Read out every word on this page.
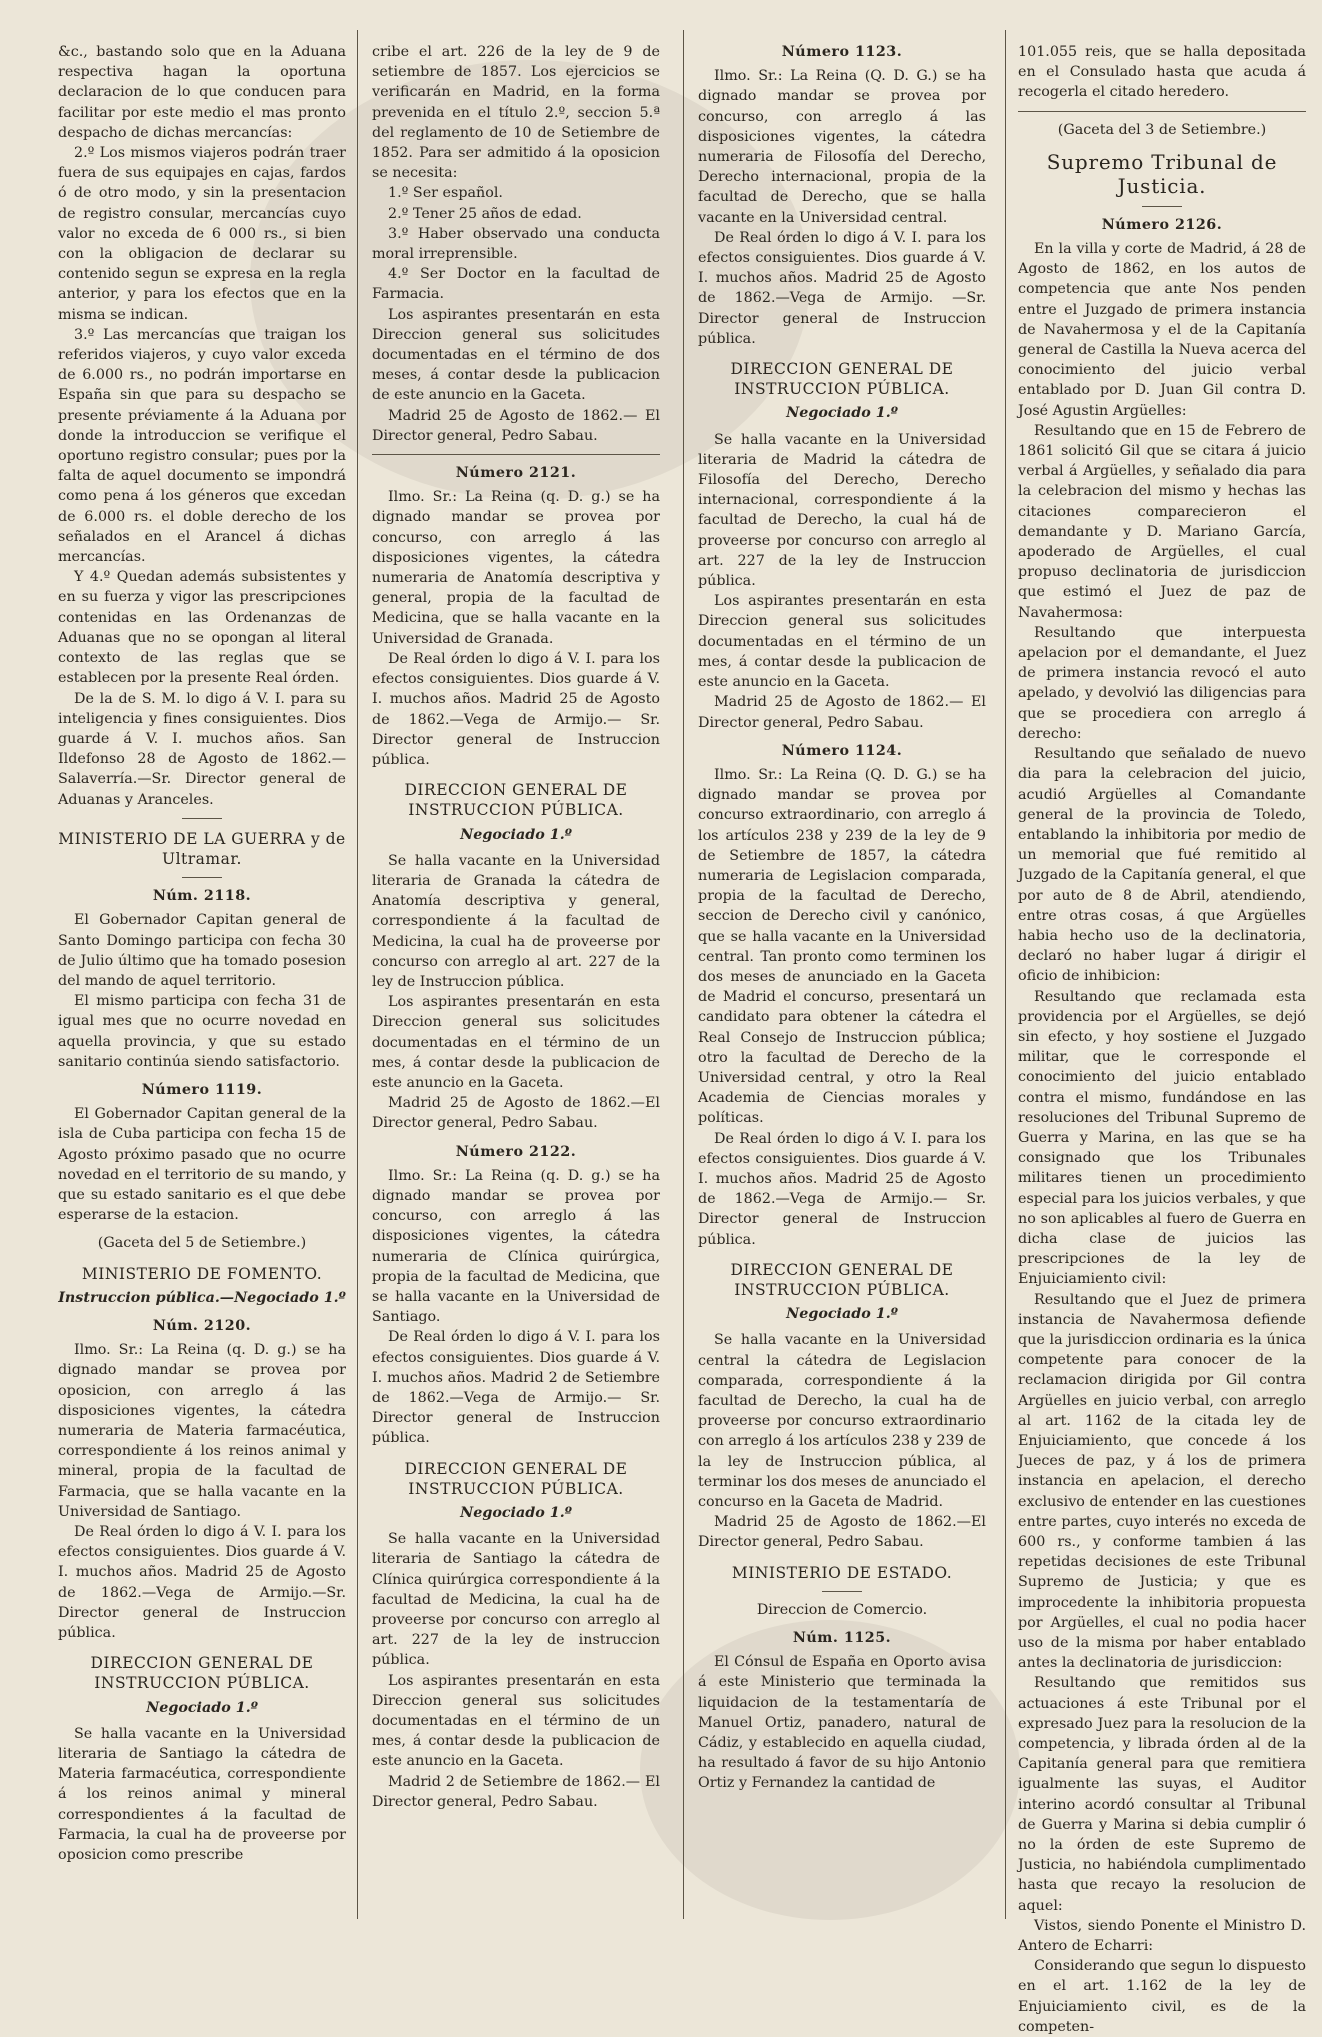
&c., bastando solo que en la Aduana respectiva hagan la oportuna declaracion de lo que conducen para facilitar por este medio el mas pronto despacho de dichas mercancías:

2.º Los mismos viajeros podrán traer fuera de sus equipajes en cajas, fardos ó de otro modo, y sin la presentacion de registro consular, mercancías cuyo valor no exceda de 6 000 rs., si bien con la obligacion de declarar su contenido segun se expresa en la regla anterior, y para los efectos que en la misma se indican.

3.º Las mercancías que traigan los referidos viajeros, y cuyo valor exceda de 6.000 rs., no podrán importarse en España sin que para su despacho se presente préviamente á la Aduana por donde la introduccion se verifique el oportuno registro consular; pues por la falta de aquel documento se impondrá como pena á los géneros que excedan de 6.000 rs. el doble derecho de los señalados en el Arancel á dichas mercancías.

Y 4.º Quedan además subsistentes y en su fuerza y vigor las prescripciones contenidas en las Ordenanzas de Aduanas que no se opongan al literal contexto de las reglas que se establecen por la presente Real órden.

De la de S. M. lo digo á V. I. para su inteligencia y fines consiguientes. Dios guarde á V. I. muchos años. San Ildefonso 28 de Agosto de 1862.— Salaverría.—Sr. Director general de Aduanas y Aranceles.

MINISTERIO DE LA GUERRA y de Ultramar.
Núm. 2118.

El Gobernador Capitan general de Santo Domingo participa con fecha 30 de Julio último que ha tomado posesion del mando de aquel territorio.

El mismo participa con fecha 31 de igual mes que no ocurre novedad en aquella provincia, y que su estado sanitario continúa siendo satisfactorio.

Número 1119.

El Gobernador Capitan general de la isla de Cuba participa con fecha 15 de Agosto próximo pasado que no ocurre novedad en el territorio de su mando, y que su estado sanitario es el que debe esperarse de la estacion.

(Gaceta del 5 de Setiembre.)
MINISTERIO DE FOMENTO.
Instruccion pública.—Negociado 1.º
Núm. 2120.

Ilmo. Sr.: La Reina (q. D. g.) se ha dignado mandar se provea por oposicion, con arreglo á las disposiciones vigentes, la cátedra numeraria de Materia farmacéutica, correspondiente á los reinos animal y mineral, propia de la facultad de Farmacia, que se halla vacante en la Universidad de Santiago.

De Real órden lo digo á V. I. para los efectos consiguientes. Dios guarde á V. I. muchos años. Madrid 25 de Agosto de 1862.—Vega de Armijo.—Sr. Director general de Instruccion pública.

DIRECCION GENERAL DE INSTRUCCION PÚBLICA.
Negociado 1.º

Se halla vacante en la Universidad literaria de Santiago la cátedra de Materia farmacéutica, correspondiente á los reinos animal y mineral correspondientes á la facultad de Farmacia, la cual ha de proveerse por oposicion como prescribe

cribe el art. 226 de la ley de 9 de setiembre de 1857. Los ejercicios se verificarán en Madrid, en la forma prevenida en el título 2.º, seccion 5.ª del reglamento de 10 de Setiembre de 1852. Para ser admitido á la oposicion se necesita:

1.º Ser español.

2.º Tener 25 años de edad.

3.º Haber observado una conducta moral irreprensible.

4.º Ser Doctor en la facultad de Farmacia.

Los aspirantes presentarán en esta Direccion general sus solicitudes documentadas en el término de dos meses, á contar desde la publicacion de este anuncio en la Gaceta.

Madrid 25 de Agosto de 1862.— El Director general, Pedro Sabau.

Número 2121.

Ilmo. Sr.: La Reina (q. D. g.) se ha dignado mandar se provea por concurso, con arreglo á las disposiciones vigentes, la cátedra numeraria de Anatomía descriptiva y general, propia de la facultad de Medicina, que se halla vacante en la Universidad de Granada.

De Real órden lo digo á V. I. para los efectos consiguientes. Dios guarde á V. I. muchos años. Madrid 25 de Agosto de 1862.—Vega de Armijo.— Sr. Director general de Instruccion pública.

DIRECCION GENERAL DE INSTRUCCION PÚBLICA.
Negociado 1.º

Se halla vacante en la Universidad literaria de Granada la cátedra de Anatomía descriptiva y general, correspondiente á la facultad de Medicina, la cual ha de proveerse por concurso con arreglo al art. 227 de la ley de Instruccion pública.

Los aspirantes presentarán en esta Direccion general sus solicitudes documentadas en el término de un mes, á contar desde la publicacion de este anuncio en la Gaceta.

Madrid 25 de Agosto de 1862.—El Director general, Pedro Sabau.

Número 2122.

Ilmo. Sr.: La Reina (q. D. g.) se ha dignado mandar se provea por concurso, con arreglo á las disposiciones vigentes, la cátedra numeraria de Clínica quirúrgica, propia de la facultad de Medicina, que se halla vacante en la Universidad de Santiago.

De Real órden lo digo á V. I. para los efectos consiguientes. Dios guarde á V. I. muchos años. Madrid 2 de Setiembre de 1862.—Vega de Armijo.— Sr. Director general de Instruccion pública.

DIRECCION GENERAL DE INSTRUCCION PÚBLICA.
Negociado 1.º

Se halla vacante en la Universidad literaria de Santiago la cátedra de Clínica quirúrgica correspondiente á la facultad de Medicina, la cual ha de proveerse por concurso con arreglo al art. 227 de la ley de instruccion pública.

Los aspirantes presentarán en esta Direccion general sus solicitudes documentadas en el término de un mes, á contar desde la publicacion de este anuncio en la Gaceta.

Madrid 2 de Setiembre de 1862.— El Director general, Pedro Sabau.

Número 1123.

Ilmo. Sr.: La Reina (Q. D. G.) se ha dignado mandar se provea por concurso, con arreglo á las disposiciones vigentes, la cátedra numeraria de Filosofía del Derecho, Derecho internacional, propia de la facultad de Derecho, que se halla vacante en la Universidad central.

De Real órden lo digo á V. I. para los efectos consiguientes. Dios guarde á V. I. muchos años. Madrid 25 de Agosto de 1862.—Vega de Armijo. —Sr. Director general de Instruccion pública.

DIRECCION GENERAL DE INSTRUCCION PÚBLICA.
Negociado 1.º

Se halla vacante en la Universidad literaria de Madrid la cátedra de Filosofía del Derecho, Derecho internacional, correspondiente á la facultad de Derecho, la cual há de proveerse por concurso con arreglo al art. 227 de la ley de Instruccion pública.

Los aspirantes presentarán en esta Direccion general sus solicitudes documentadas en el término de un mes, á contar desde la publicacion de este anuncio en la Gaceta.

Madrid 25 de Agosto de 1862.— El Director general, Pedro Sabau.

Número 1124.

Ilmo. Sr.: La Reina (Q. D. G.) se ha dignado mandar se provea por concurso extraordinario, con arreglo á los artículos 238 y 239 de la ley de 9 de Setiembre de 1857, la cátedra numeraria de Legislacion comparada, propia de la facultad de Derecho, seccion de Derecho civil y canónico, que se halla vacante en la Universidad central. Tan pronto como terminen los dos meses de anunciado en la Gaceta de Madrid el concurso, presentará un candidato para obtener la cátedra el Real Consejo de Instruccion pública; otro la facultad de Derecho de la Universidad central, y otro la Real Academia de Ciencias morales y políticas.

De Real órden lo digo á V. I. para los efectos consiguientes. Dios guarde á V. I. muchos años. Madrid 25 de Agosto de 1862.—Vega de Armijo.— Sr. Director general de Instruccion pública.

DIRECCION GENERAL DE INSTRUCCION PÚBLICA.
Negociado 1.º

Se halla vacante en la Universidad central la cátedra de Legislacion comparada, correspondiente á la facultad de Derecho, la cual ha de proveerse por concurso extraordinario con arreglo á los artículos 238 y 239 de la ley de Instruccion pública, al terminar los dos meses de anunciado el concurso en la Gaceta de Madrid.

Madrid 25 de Agosto de 1862.—El Director general, Pedro Sabau.

MINISTERIO DE ESTADO.
Direccion de Comercio.
Núm. 1125.

El Cónsul de España en Oporto avisa á este Ministerio que terminada la liquidacion de la testamentaría de Manuel Ortiz, panadero, natural de Cádiz, y establecido en aquella ciudad, ha resultado á favor de su hijo Antonio Ortiz y Fernandez la cantidad de

101.055 reis, que se halla depositada en el Consulado hasta que acuda á recogerla el citado heredero.

(Gaceta del 3 de Setiembre.)
Supremo Tribunal de Justicia.
Número 2126.

En la villa y corte de Madrid, á 28 de Agosto de 1862, en los autos de competencia que ante Nos penden entre el Juzgado de primera instancia de Navahermosa y el de la Capitanía general de Castilla la Nueva acerca del conocimiento del juicio verbal entablado por D. Juan Gil contra D. José Agustin Argüelles:

Resultando que en 15 de Febrero de 1861 solicitó Gil que se citara á juicio verbal á Argüelles, y señalado dia para la celebracion del mismo y hechas las citaciones comparecieron el demandante y D. Mariano García, apoderado de Argüelles, el cual propuso declinatoria de jurisdiccion que estimó el Juez de paz de Navahermosa:

Resultando que interpuesta apelacion por el demandante, el Juez de primera instancia revocó el auto apelado, y devolvió las diligencias para que se procediera con arreglo á derecho:

Resultando que señalado de nuevo dia para la celebracion del juicio, acudió Argüelles al Comandante general de la provincia de Toledo, entablando la inhibitoria por medio de un memorial que fué remitido al Juzgado de la Capitanía general, el que por auto de 8 de Abril, atendiendo, entre otras cosas, á que Argüelles habia hecho uso de la declinatoria, declaró no haber lugar á dirigir el oficio de inhibicion:

Resultando que reclamada esta providencia por el Argüelles, se dejó sin efecto, y hoy sostiene el Juzgado militar, que le corresponde el conocimiento del juicio entablado contra el mismo, fundándose en las resoluciones del Tribunal Supremo de Guerra y Marina, en las que se ha consignado que los Tribunales militares tienen un procedimiento especial para los juicios verbales, y que no son aplicables al fuero de Guerra en dicha clase de juicios las prescripciones de la ley de Enjuiciamiento civil:

Resultando que el Juez de primera instancia de Navahermosa defiende que la jurisdiccion ordinaria es la única competente para conocer de la reclamacion dirigida por Gil contra Argüelles en juicio verbal, con arreglo al art. 1162 de la citada ley de Enjuiciamiento, que concede á los Jueces de paz, y á los de primera instancia en apelacion, el derecho exclusivo de entender en las cuestiones entre partes, cuyo interés no exceda de 600 rs., y conforme tambien á las repetidas decisiones de este Tribunal Supremo de Justicia; y que es improcedente la inhibitoria propuesta por Argüelles, el cual no podia hacer uso de la misma por haber entablado antes la declinatoria de jurisdiccion:

Resultando que remitidos sus actuaciones á este Tribunal por el expresado Juez para la resolucion de la competencia, y librada órden al de la Capitanía general para que remitiera igualmente las suyas, el Auditor interino acordó consultar al Tribunal de Guerra y Marina si debia cumplir ó no la órden de este Supremo de Justicia, no habiéndola cumplimentado hasta que recayo la resolucion de aquel:

Vistos, siendo Ponente el Ministro D. Antero de Echarri:

Considerando que segun lo dispuesto en el art. 1.162 de la ley de Enjuiciamiento civil, es de la competen-
